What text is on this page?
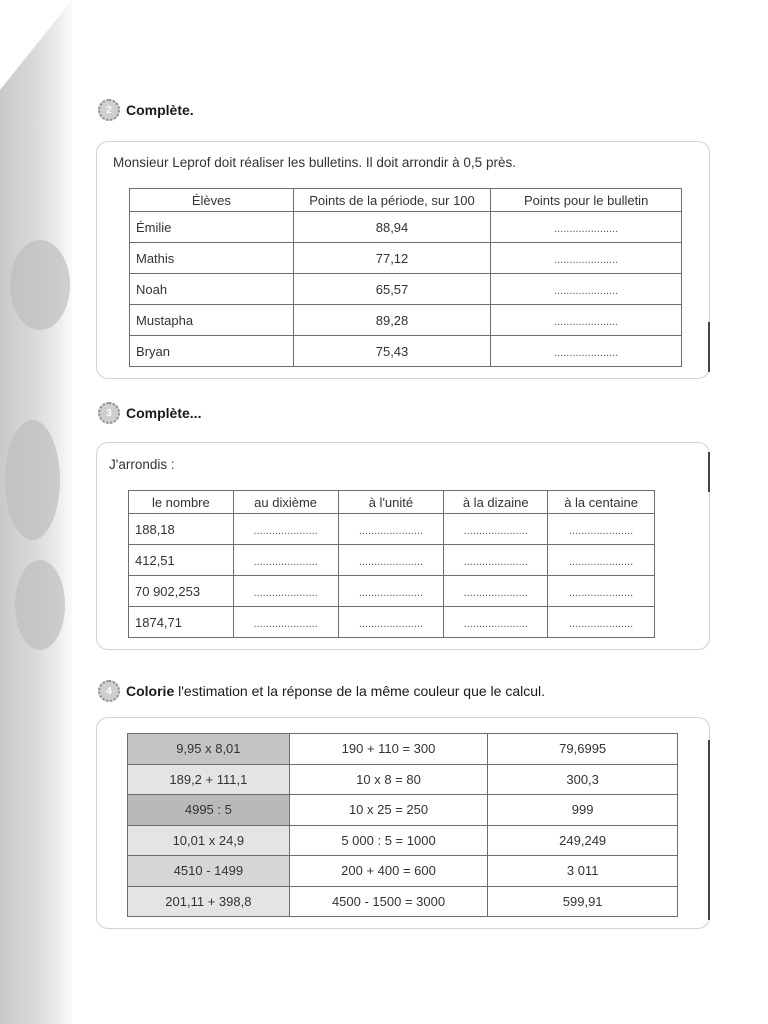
2	Complète.
Monsieur Leprof doit réaliser les bulletins. Il doit arrondir à 0,5 près.
Élèves	Points de la période, sur 100	Points pour le bulletin
Émilie	88,94	.....................
Mathis	77,12	.....................
Noah	65,57	.....................
Mustapha	89,28	.....................
Bryan	75,43	.....................
3	Complète...
J'arrondis :
le nombre	au dixième	à l'unité	à la dizaine	à la centaine
188,18	.....................	.....................	.....................	.....................
412,51	.....................	.....................	.....................	.....................
70 902,253	.....................	.....................	.....................	.....................
1874,71	.....................	.....................	.....................	.....................
4	Colorie l'estimation et la réponse de la même couleur que le calcul.
9,95 x 8,01	190 + 110 = 300	79,6995
189,2 + 111,1	10 x 8 = 80	300,3
4995 : 5	10 x 25 = 250	999
10,01 x 24,9	5 000 : 5 = 1000	249,249
4510 - 1499	200 + 400 = 600	3 011
201,11 + 398,8	4500 - 1500 = 3000	599,91
